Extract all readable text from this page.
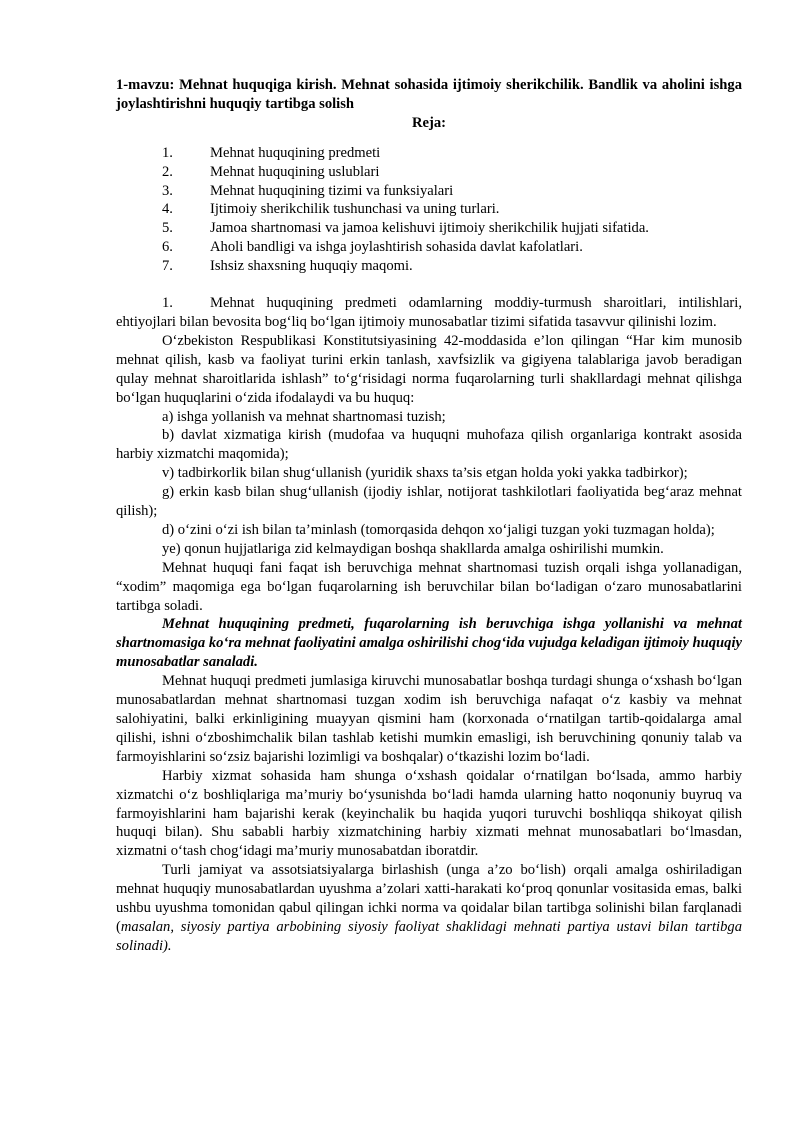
1-mavzu: Mehnat huquqiga kirish. Mehnat sohasida ijtimoiy sherikchilik. Bandlik va aholini ishga joylashtirishni huquqiy tartibga solish

Reja:

1.	Mehnat huquqining predmeti
2.	Mehnat huquqining uslublari
3.	Mehnat huquqining tizimi va funksiyalari
4.	Ijtimoiy sherikchilik tushunchasi va uning turlari.
5.	Jamoa shartnomasi va jamoa kelishuvi ijtimoiy sherikchilik hujjati sifatida.
6.	Aholi bandligi va ishga joylashtirish sohasida davlat kafolatlari.
7.	Ishsiz shaxsning huquqiy maqomi.

1.	Mehnat huquqining predmeti odamlarning moddiy-turmush sharoitlari, intilishlari, ehtiyojlari bilan bevosita bog‘liq bo‘lgan ijtimoiy munosabatlar tizimi sifatida tasavvur qilinishi lozim.

O‘zbekiston Respublikasi Konstitutsiyasining 42-moddasida e’lon qilingan “Har kim munosib mehnat qilish, kasb va faoliyat turini erkin tanlash, xavfsizlik va gigiyena talablariga javob beradigan qulay mehnat sharoitlarida ishlash” to‘g‘risidagi norma fuqarolarning turli shakllardagi mehnat qilishga bo‘lgan huquqlarini o‘zida ifodalaydi va bu huquq:

a) ishga yollanish va mehnat shartnomasi tuzish;

b) davlat xizmatiga kirish (mudofaa va huquqni muhofaza qilish organlariga kontrakt asosida harbiy xizmatchi maqomida);

v) tadbirkorlik bilan shug‘ullanish (yuridik shaxs ta’sis etgan holda yoki yakka tadbirkor);

g) erkin kasb bilan shug‘ullanish (ijodiy ishlar, notijorat tashkilotlari faoliyatida beg‘araz mehnat qilish);

d) o‘zini o‘zi ish bilan ta’minlash (tomorqasida dehqon xo‘jaligi tuzgan yoki tuzmagan holda);

ye) qonun hujjatlariga zid kelmaydigan boshqa shakllarda amalga oshirilishi mumkin.

Mehnat huquqi fani faqat ish beruvchiga mehnat shartnomasi tuzish orqali ishga yollanadigan, “xodim” maqomiga ega bo‘lgan fuqarolarning ish beruvchilar bilan bo‘ladigan o‘zaro munosabatlarini tartibga soladi.

Mehnat huquqining predmeti, fuqarolarning ish beruvchiga ishga yollanishi va mehnat shartnomasiga ko‘ra mehnat faoliyatini amalga oshirilishi chog‘ida vujudga keladigan ijtimoiy huquqiy munosabatlar sanaladi.

Mehnat huquqi predmeti jumlasiga kiruvchi munosabatlar boshqa turdagi shunga o‘xshash bo‘lgan munosabatlardan mehnat shartnomasi tuzgan xodim ish beruvchiga nafaqat o‘z kasbiy va mehnat salohiyatini, balki erkinligining muayyan qismini ham (korxonada o‘rnatilgan tartib-qoidalarga amal qilishi, ishni o‘zboshimchalik bilan tashlab ketishi mumkin emasligi, ish beruvchining qonuniy talab va farmoyishlarini so‘zsiz bajarishi lozimligi va boshqalar) o‘tkazishi lozim bo‘ladi.

Harbiy xizmat sohasida ham shunga o‘xshash qoidalar o‘rnatilgan bo‘lsada, ammo harbiy xizmatchi o‘z boshliqlariga ma’muriy bo‘ysunishda bo‘ladi hamda ularning hatto noqonuniy buyruq va farmoyishlarini ham bajarishi kerak (keyinchalik bu haqida yuqori turuvchi boshliqqa shikoyat qilish huquqi bilan). Shu sababli harbiy xizmatchining harbiy xizmati mehnat munosabatlari bo‘lmasdan, xizmatni o‘tash chog‘idagi ma’muriy munosabatdan iboratdir.

Turli jamiyat va assotsiatsiyalarga birlashish (unga a’zo bo‘lish) orqali amalga oshiriladigan mehnat huquqiy munosabatlardan uyushma a’zolari xatti-harakati ko‘proq qonunlar vositasida emas, balki ushbu uyushma tomonidan qabul qilingan ichki norma va qoidalar bilan tartibga solinishi bilan farqlanadi (masalan, siyosiy partiya arbobining siyosiy faoliyat shaklidagi mehnati partiya ustavi bilan tartibga solinadi).
